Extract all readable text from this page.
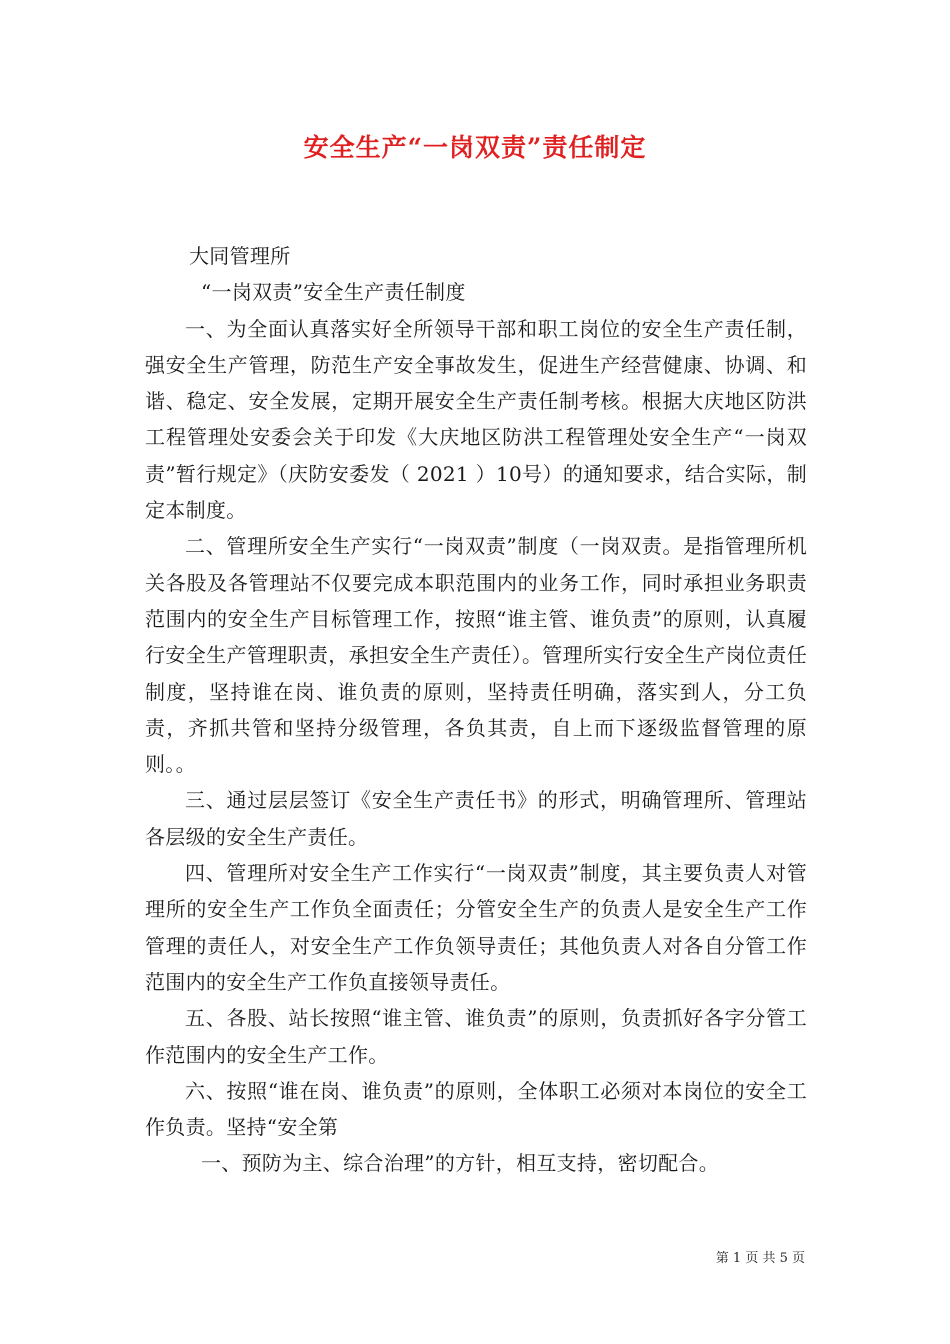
安全生产“一岗双责”责任制定

大同管理所

“一岗双责”安全生产责任制度

一、为全面认真落实好全所领导干部和职工岗位的安全生产责任制，强安全生产管理，防范生产安全事故发生，促进生产经营健康、协调、和谐、稳定、安全发展，定期开展安全生产责任制考核。根据大庆地区防洪工程管理处安委会关于印发《大庆地区防洪工程管理处安全生产“一岗双责”暂行规定》（庆防安委发（ 2021 ）10号）的通知要求，结合实际，制定本制度。

二、管理所安全生产实行“一岗双责”制度（一岗双责。是指管理所机关各股及各管理站不仅要完成本职范围内的业务工作，同时承担业务职责范围内的安全生产目标管理工作，按照“谁主管、谁负责”的原则，认真履行安全生产管理职责，承担安全生产责任）。管理所实行安全生产岗位责任制度，坚持谁在岗、谁负责的原则，坚持责任明确，落实到人，分工负责，齐抓共管和坚持分级管理，各负其责，自上而下逐级监督管理的原则。。

三、通过层层签订《安全生产责任书》的形式，明确管理所、管理站各层级的安全生产责任。

四、管理所对安全生产工作实行“一岗双责”制度，其主要负责人对管理所的安全生产工作负全面责任；分管安全生产的负责人是安全生产工作管理的责任人，对安全生产工作负领导责任；其他负责人对各自分管工作范围内的安全生产工作负直接领导责任。

五、各股、站长按照“谁主管、谁负责”的原则，负责抓好各字分管工作范围内的安全生产工作。

六、按照“谁在岗、谁负责”的原则，全体职工必须对本岗位的安全工作负责。坚持“安全第

一、预防为主、综合治理”的方针，相互支持，密切配合。

第 1 页 共 5 页
